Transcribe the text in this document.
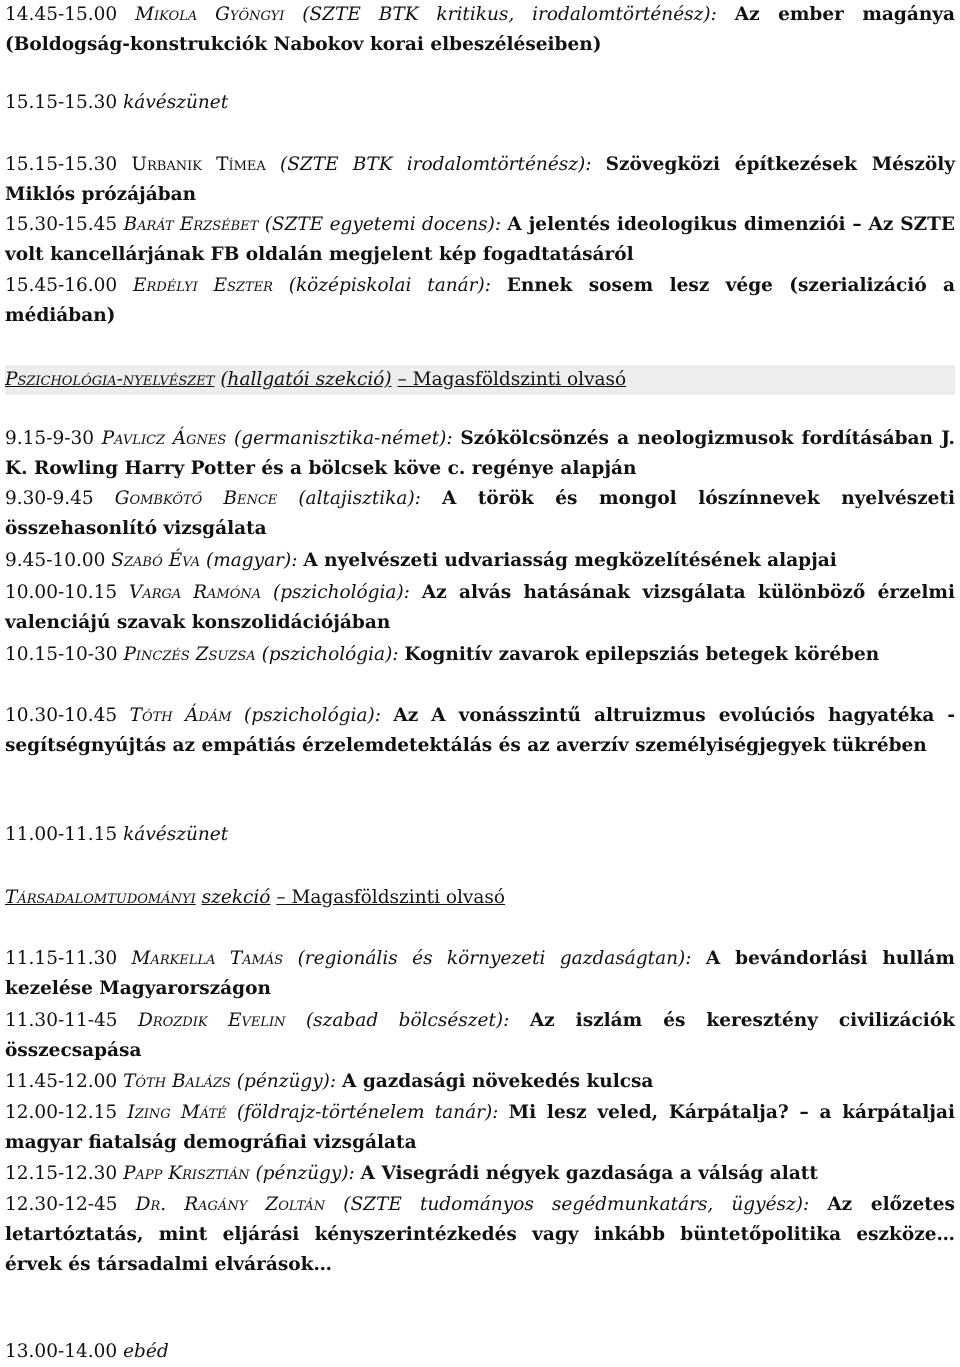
14.45-15.00 Mikola Gyöngyi (SZTE BTK kritikus, irodalomtörténész): Az ember magánya (Boldogság-konstrukciók Nabokov korai elbeszéléseiben)

15.15-15.30 kávészünet

15.15-15.30 Urbanik Tímea (SZTE BTK irodalomtörténész): Szövegközi építkezések Mészöly Miklós prózájában

15.30-15.45 Barát Erzsébet (SZTE egyetemi docens): A jelentés ideologikus dimenziói – Az SZTE volt kancellárjának FB oldalán megjelent kép fogadtatásáról

15.45-16.00 Erdélyi Eszter (középiskolai tanár): Ennek sosem lesz vége (szerializáció a médiában)

Pszichológia-nyelvészet (hallgatói szekció) – Magasföldszinti olvasó

9.15-9-30 Pavlicz Ágnes (germanisztika-német): Szókölcsönzés a neologizmusok fordításában J. K. Rowling Harry Potter és a bölcsek köve c. regénye alapján

9.30-9.45 Gombkötő Bence (altajisztika): A török és mongol lószínnevek nyelvészeti összehasonlító vizsgálata

9.45-10.00 Szabó Éva (magyar): A nyelvészeti udvariasság megközelítésének alapjai

10.00-10.15 Varga Ramóna (pszichológia): Az alvás hatásának vizsgálata különböző érzelmi valenciájú szavak konszolidációjában

10.15-10-30 Pinczés Zsuzsa (pszichológia): Kognitív zavarok epilepsziás betegek körében

10.30-10.45 Tóth Ádám (pszichológia): Az A vonásszintű altruizmus evolúciós hagyatéka - segítségnyújtás az empátiás érzelemdetektálás és az averzív személyiségjegyek tükrében

11.00-11.15 kávészünet

Társadalomtudományi szekció – Magasföldszinti olvasó

11.15-11.30 Markella Tamás (regionális és környezeti gazdaságtan): A bevándorlási hullám kezelése Magyarországon

11.30-11-45 Drozdik Evelin (szabad bölcsészet): Az iszlám és keresztény civilizációk összecsapása

11.45-12.00 Tóth Balázs (pénzügy): A gazdasági növekedés kulcsa

12.00-12.15 Izing Máté (földrajz-történelem tanár): Mi lesz veled, Kárpátalja? – a kárpátaljai magyar fiatalság demográfiai vizsgálata

12.15-12.30 Papp Krisztián (pénzügy): A Visegrádi négyek gazdasága a válság alatt

12.30-12-45 Dr. Ragány Zoltán (SZTE tudományos segédmunkatárs, ügyész): Az előzetes letartóztatás, mint eljárási kényszerintézkedés vagy inkább büntetőpolitika eszköze… érvek és társadalmi elvárások…

13.00-14.00 ebéd
